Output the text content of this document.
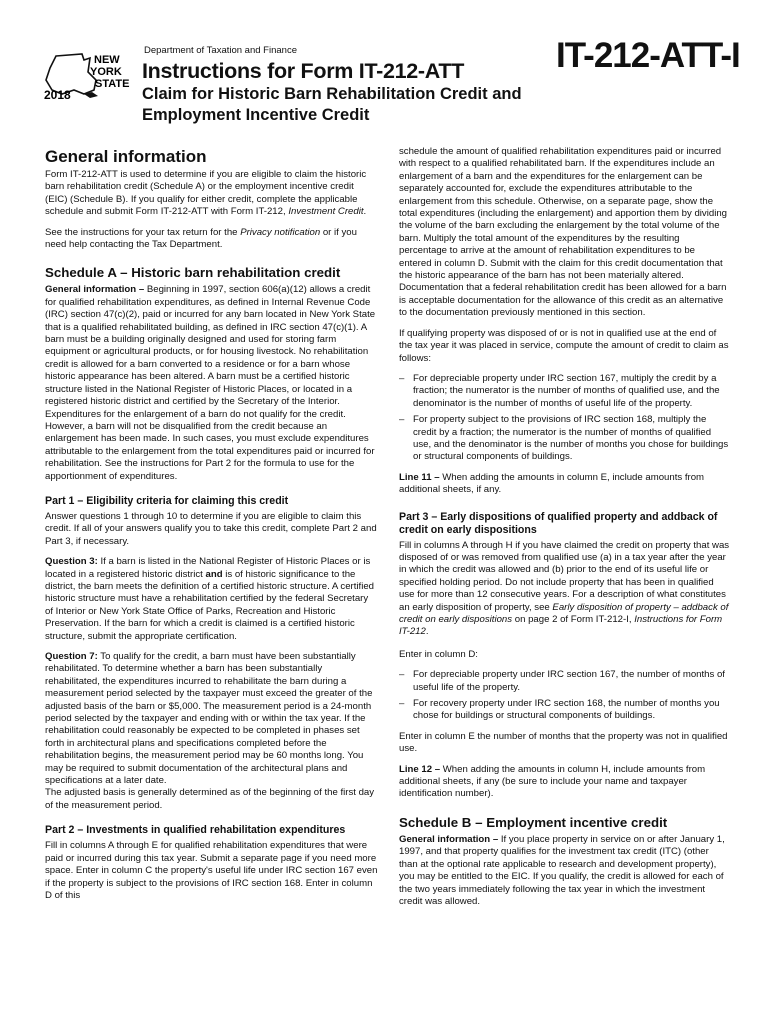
NEW
YORK
STATE
2018
Department of Taxation and Finance	IT-212-ATT-I
Instructions for Form IT-212-ATT
Claim for Historic Barn Rehabilitation Credit and Employment Incentive Credit
General information

Form IT-212-ATT is used to determine if you are eligible to claim the historic barn rehabilitation credit (Schedule A) or the employment incentive credit (EIC) (Schedule B). If you qualify for either credit, complete the applicable schedule and submit Form IT-212-ATT with Form IT-212, Investment Credit.

See the instructions for your tax return for the Privacy notification or if you need help contacting the Tax Department.

Schedule A – Historic barn rehabilitation credit

General information – Beginning in 1997, section 606(a)(12) allows a credit for qualified rehabilitation expenditures, as defined in Internal Revenue Code (IRC) section 47(c)(2), paid or incurred for any barn located in New York State that is a qualified rehabilitated building, as defined in IRC section 47(c)(1). A barn must be a building originally designed and used for storing farm equipment or agricultural products, or for housing livestock. No rehabilitation credit is allowed for a barn converted to a residence or for a barn whose historic appearance has been altered. A barn must be a certified historic structure listed in the National Register of Historic Places, or located in a registered historic district and certified by the Secretary of the Interior. Expenditures for the enlargement of a barn do not qualify for the credit. However, a barn will not be disqualified from the credit because an enlargement has been made. In such cases, you must exclude expenditures attributable to the enlargement from the total expenditures paid or incurred for rehabilitation. See the instructions for Part 2 for the formula to use for the apportionment of expenditures.

Part 1 – Eligibility criteria for claiming this credit

Answer questions 1 through 10 to determine if you are eligible to claim this credit. If all of your answers qualify you to take this credit, complete Part 2 and Part 3, if necessary.

Question 3: If a barn is listed in the National Register of Historic Places or is located in a registered historic district and is of historic significance to the district, the barn meets the definition of a certified historic structure. A certified historic structure must have a rehabilitation certified by the federal Secretary of Interior or New York State Office of Parks, Recreation and Historic Preservation. If the barn for which a credit is claimed is a certified historic structure, submit the appropriate certification.

Question 7: To qualify for the credit, a barn must have been substantially rehabilitated. To determine whether a barn has been substantially rehabilitated, the expenditures incurred to rehabilitate the barn during a measurement period selected by the taxpayer must exceed the greater of the adjusted basis of the barn or $5,000. The measurement period is a 24-month period selected by the taxpayer and ending with or within the tax year. If the rehabilitation could reasonably be expected to be completed in phases set forth in architectural plans and specifications completed before the rehabilitation begins, the measurement period may be 60 months long. You may be required to submit documentation of the architectural plans and specifications at a later date.

The adjusted basis is generally determined as of the beginning of the first day of the measurement period.

Part 2 – Investments in qualified rehabilitation expenditures

Fill in columns A through E for qualified rehabilitation expenditures that were paid or incurred during this tax year. Submit a separate page if you need more space. Enter in column C the property's useful life under IRC section 167 even if the property is subject to the provisions of IRC section 168. Enter in column D of this

schedule the amount of qualified rehabilitation expenditures paid or incurred with respect to a qualified rehabilitated barn. If the expenditures include an enlargement of a barn and the expenditures for the enlargement can be separately accounted for, exclude the expenditures attributable to the enlargement from this schedule. Otherwise, on a separate page, show the total expenditures (including the enlargement) and apportion them by dividing the volume of the barn excluding the enlargement by the total volume of the barn. Multiply the total amount of the expenditures by the resulting percentage to arrive at the amount of rehabilitation expenditures to be entered in column D. Submit with the claim for this credit documentation that the historic appearance of the barn has not been materially altered. Documentation that a federal rehabilitation credit has been allowed for a barn is acceptable documentation for the allowance of this credit as an alternative to the documentation previously mentioned in this section.

If qualifying property was disposed of or is not in qualified use at the end of the tax year it was placed in service, compute the amount of credit to claim as follows:

– For depreciable property under IRC section 167, multiply the credit by a fraction; the numerator is the number of months of qualified use, and the denominator is the number of months of useful life of the property.
– For property subject to the provisions of IRC section 168, multiply the credit by a fraction; the numerator is the number of months of qualified use, and the denominator is the number of months you chose for buildings or structural components of buildings.

Line 11 – When adding the amounts in column E, include amounts from additional sheets, if any.

Part 3 – Early dispositions of qualified property and addback of credit on early dispositions

Fill in columns A through H if you have claimed the credit on property that was disposed of or was removed from qualified use (a) in a tax year after the year in which the credit was allowed and (b) prior to the end of its useful life or specified holding period. Do not include property that has been in qualified use for more than 12 consecutive years. For a description of what constitutes an early disposition of property, see Early disposition of property – addback of credit on early dispositions on page 2 of Form IT-212-I, Instructions for Form IT-212.

Enter in column D:

– For depreciable property under IRC section 167, the number of months of useful life of the property.
– For recovery property under IRC section 168, the number of months you chose for buildings or structural components of buildings.

Enter in column E the number of months that the property was not in qualified use.

Line 12 – When adding the amounts in column H, include amounts from additional sheets, if any (be sure to include your name and taxpayer identification number).

Schedule B – Employment incentive credit

General information – If you place property in service on or after January 1, 1997, and that property qualifies for the investment tax credit (ITC) (other than at the optional rate applicable to research and development property), you may be entitled to the EIC. If you qualify, the credit is allowed for each of the two years immediately following the tax year in which the investment credit was allowed.
